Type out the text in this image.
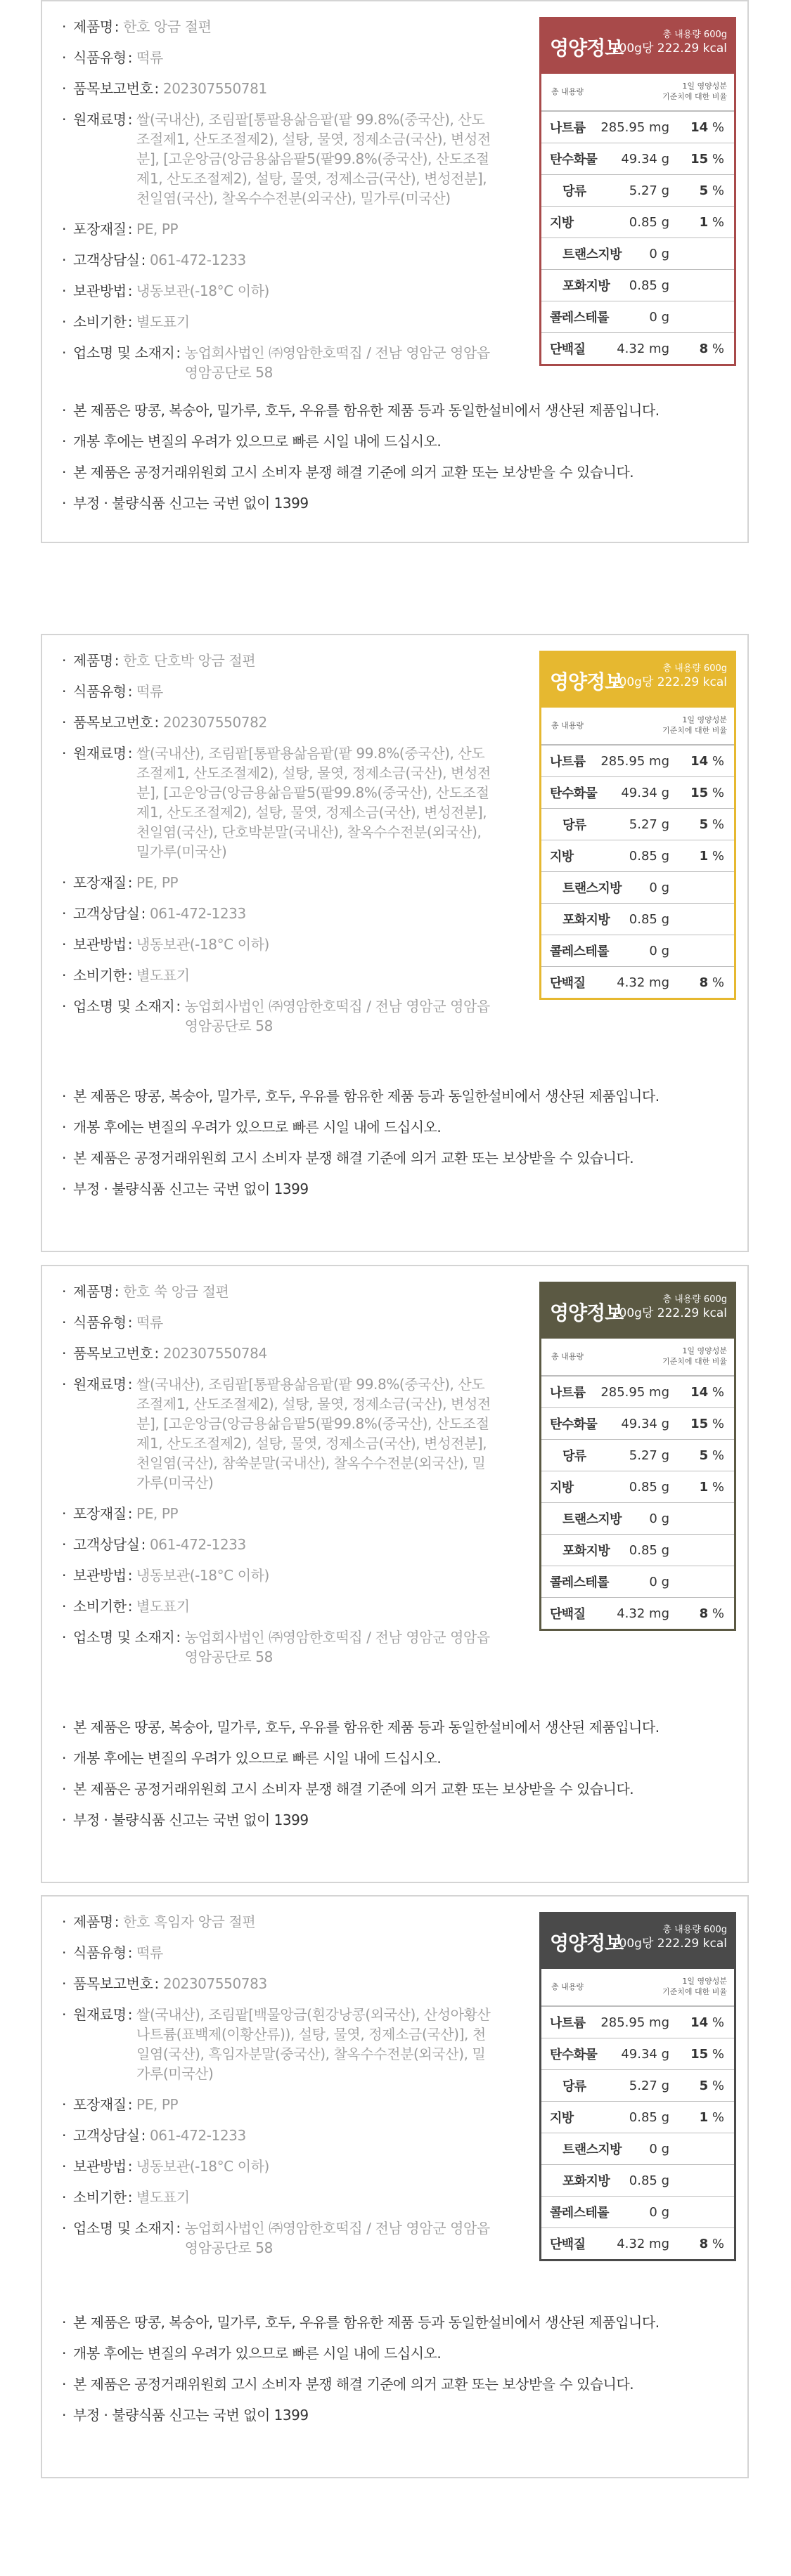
· 제품명 : 한호 앙금 절편
· 식품유형 : 떡류
· 품목보고번호 : 202307550781
· 원재료명 : 쌀(국내산), 조림팥[통팥용삶음팥(팥 99.8%(중국산), 산도조절제1, 산도조절제2), 설탕, 물엿, 정제소금(국산), 변성전분], [고운앙금(앙금용삶음팥5(팥99.8%(중국산), 산도조절제1, 산도조절제2), 설탕, 물엿, 정제소금(국산), 변성전분], 천일염(국산), 찰옥수수전분(외국산), 밀가루(미국산)
· 포장재질 : PE, PP
· 고객상담실 : 061-472-1233
· 보관방법 : 냉동보관(-18°C 이하)
· 소비기한 : 별도표기
· 업소명 및 소재지 : 농업회사법인 ㈜영암한호떡집 / 전남 영암군 영암읍 영암공단로 58
영양정보
총 내용량 600g
100g당 222.29 kcal
총 내용량
1일 영양성분
기준치에 대한 비율
나트륨 285.95 mg 14 %
탄수화물 49.34 g 15 %
당류	5.27 g 5 %
지방	0.85 g 1 %
트랜스지방 0 g
포화지방 0.85 g
콜레스테롤	0 g
단백질 4.32 mg 8 %
· 본 제품은 땅콩, 복숭아, 밀가루, 호두, 우유를 함유한 제품 등과 동일한설비에서 생산된 제품입니다.
· 개봉 후에는 변질의 우려가 있으므로 빠른 시일 내에 드십시오.
· 본 제품은 공정거래위원회 고시 소비자 분쟁 해결 기준에 의거 교환 또는 보상받을 수 있습니다.
· 부정 · 불량식품 신고는 국번 없이 1399
· 제품명 : 한호 단호박 앙금 절편
· 식품유형 : 떡류
· 품목보고번호 : 202307550782
· 원재료명 : 쌀(국내산), 조림팥[통팥용삶음팥(팥 99.8%(중국산), 산도조절제1, 산도조절제2), 설탕, 물엿, 정제소금(국산), 변성전분], [고운앙금(앙금용삶음팥5(팥99.8%(중국산), 산도조절제1, 산도조절제2), 설탕, 물엿, 정제소금(국산), 변성전분], 천일염(국산), 단호박분말(국내산), 찰옥수수전분(외국산), 밀가루(미국산)
· 포장재질 : PE, PP
· 고객상담실 : 061-472-1233
· 보관방법 : 냉동보관(-18°C 이하)
· 소비기한 : 별도표기
· 업소명 및 소재지 : 농업회사법인 ㈜영암한호떡집 / 전남 영암군 영암읍 영암공단로 58
영양정보
총 내용량 600g
100g당 222.29 kcal
총 내용량
1일 영양성분
기준치에 대한 비율
나트륨 285.95 mg 14 %
탄수화물 49.34 g 15 %
당류	5.27 g 5 %
지방	0.85 g 1 %
트랜스지방 0 g
포화지방 0.85 g
콜레스테롤	0 g
단백질 4.32 mg 8 %
· 본 제품은 땅콩, 복숭아, 밀가루, 호두, 우유를 함유한 제품 등과 동일한설비에서 생산된 제품입니다.
· 개봉 후에는 변질의 우려가 있으므로 빠른 시일 내에 드십시오.
· 본 제품은 공정거래위원회 고시 소비자 분쟁 해결 기준에 의거 교환 또는 보상받을 수 있습니다.
· 부정 · 불량식품 신고는 국번 없이 1399
· 제품명 : 한호 쑥 앙금 절편
· 식품유형 : 떡류
· 품목보고번호 : 202307550784
· 원재료명 : 쌀(국내산), 조림팥[통팥용삶음팥(팥 99.8%(중국산), 산도조절제1, 산도조절제2), 설탕, 물엿, 정제소금(국산), 변성전분], [고운앙금(앙금용삶음팥5(팥99.8%(중국산), 산도조절제1, 산도조절제2), 설탕, 물엿, 정제소금(국산), 변성전분], 천일염(국산), 참쑥분말(국내산), 찰옥수수전분(외국산), 밀가루(미국산)
· 포장재질 : PE, PP
· 고객상담실 : 061-472-1233
· 보관방법 : 냉동보관(-18°C 이하)
· 소비기한 : 별도표기
· 업소명 및 소재지 : 농업회사법인 ㈜영암한호떡집 / 전남 영암군 영암읍 영암공단로 58
영양정보
총 내용량 600g
100g당 222.29 kcal
총 내용량
1일 영양성분
기준치에 대한 비율
나트륨 285.95 mg 14 %
탄수화물 49.34 g 15 %
당류	5.27 g 5 %
지방	0.85 g 1 %
트랜스지방 0 g
포화지방 0.85 g
콜레스테롤	0 g
단백질 4.32 mg 8 %
· 본 제품은 땅콩, 복숭아, 밀가루, 호두, 우유를 함유한 제품 등과 동일한설비에서 생산된 제품입니다.
· 개봉 후에는 변질의 우려가 있으므로 빠른 시일 내에 드십시오.
· 본 제품은 공정거래위원회 고시 소비자 분쟁 해결 기준에 의거 교환 또는 보상받을 수 있습니다.
· 부정 · 불량식품 신고는 국번 없이 1399
· 제품명 : 한호 흑임자 앙금 절편
· 식품유형 : 떡류
· 품목보고번호 : 202307550783
· 원재료명 : 쌀(국내산), 조림팥[백물앙금(흰강낭콩(외국산), 산성아황산나트륨(표백제(이황산류)), 설탕, 물엿, 정제소금(국산)], 천일염(국산), 흑임자분말(중국산), 찰옥수수전분(외국산), 밀가루(미국산)
· 포장재질 : PE, PP
· 고객상담실 : 061-472-1233
· 보관방법 : 냉동보관(-18°C 이하)
· 소비기한 : 별도표기
· 업소명 및 소재지 : 농업회사법인 ㈜영암한호떡집 / 전남 영암군 영암읍 영암공단로 58
영양정보
총 내용량 600g
100g당 222.29 kcal
총 내용량
1일 영양성분
기준치에 대한 비율
나트륨 285.95 mg 14 %
탄수화물 49.34 g 15 %
당류	5.27 g 5 %
지방	0.85 g 1 %
트랜스지방 0 g
포화지방 0.85 g
콜레스테롤	0 g
단백질 4.32 mg 8 %
· 본 제품은 땅콩, 복숭아, 밀가루, 호두, 우유를 함유한 제품 등과 동일한설비에서 생산된 제품입니다.
· 개봉 후에는 변질의 우려가 있으므로 빠른 시일 내에 드십시오.
· 본 제품은 공정거래위원회 고시 소비자 분쟁 해결 기준에 의거 교환 또는 보상받을 수 있습니다.
· 부정 · 불량식품 신고는 국번 없이 1399
